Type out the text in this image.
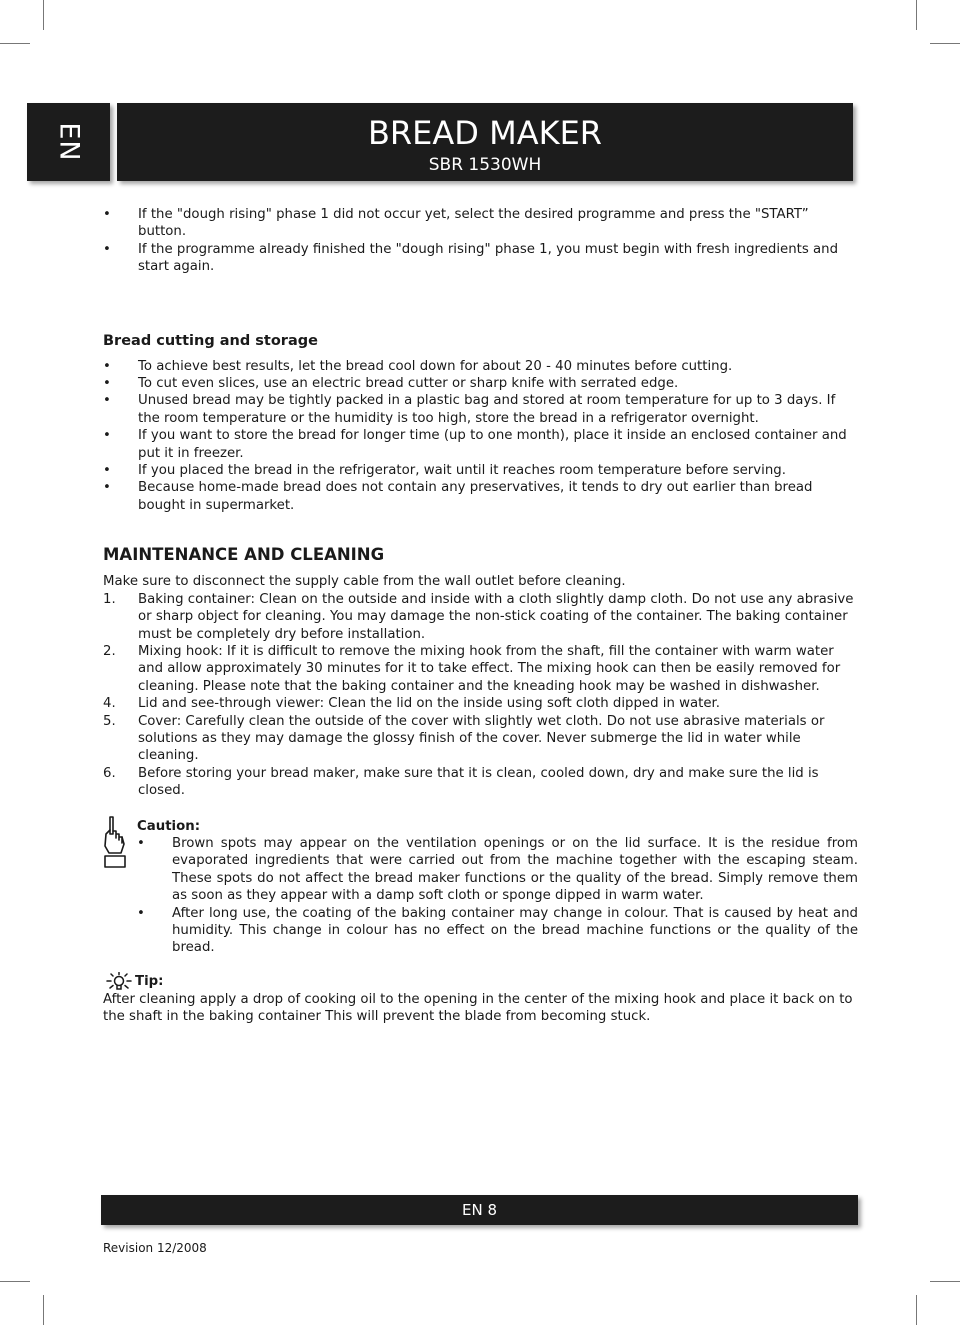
EN	BREAD MAKER
SBR 1530WH
• If the "dough rising" phase 1 did not occur yet, select the desired programme and press the "START” button.
• If the programme already finished the "dough rising" phase 1, you must begin with fresh ingredients and start again.
Bread cutting and storage
• To achieve best results, let the bread cool down for about 20 - 40 minutes before cutting.
• To cut even slices, use an electric bread cutter or sharp knife with serrated edge.
• Unused bread may be tightly packed in a plastic bag and stored at room temperature for up to 3 days. If the room temperature or the humidity is too high, store the bread in a refrigerator overnight.
• If you want to store the bread for longer time (up to one month), place it inside an enclosed container and put it in freezer.
• If you placed the bread in the refrigerator, wait until it reaches room temperature before serving.
• Because home-made bread does not contain any preservatives, it tends to dry out earlier than bread bought in supermarket.
MAINTENANCE AND CLEANING
Make sure to disconnect the supply cable from the wall outlet before cleaning.
1. Baking container: Clean on the outside and inside with a cloth slightly damp cloth. Do not use any abrasive or sharp object for cleaning. You may damage the non-stick coating of the container. The baking container must be completely dry before installation.
2. Mixing hook: If it is difficult to remove the mixing hook from the shaft, fill the container with warm water and allow approximately 30 minutes for it to take effect. The mixing hook can then be easily removed for cleaning. Please note that the baking container and the kneading hook may be washed in dishwasher.
4. Lid and see-through viewer: Clean the lid on the inside using soft cloth dipped in water.
5. Cover: Carefully clean the outside of the cover with slightly wet cloth. Do not use abrasive materials or solutions as they may damage the glossy finish of the cover. Never submerge the lid in water while cleaning.
6. Before storing your bread maker, make sure that it is clean, cooled down, dry and make sure the lid is closed.
Caution:
• Brown spots may appear on the ventilation openings or on the lid surface. It is the residue from evaporated ingredients that were carried out from the machine together with the escaping steam. These spots do not affect the bread maker functions or the quality of the bread. Simply remove them as soon as they appear with a damp soft cloth or sponge dipped in warm water.
• After long use, the coating of the baking container may change in colour. That is caused by heat and humidity. This change in colour has no effect on the bread machine functions or the quality of the bread.
Tip:
After cleaning apply a drop of cooking oil to the opening in the center of the mixing hook and place it back on to the shaft in the baking container This will prevent the blade from becoming stuck.
EN 8
Revision 12/2008
